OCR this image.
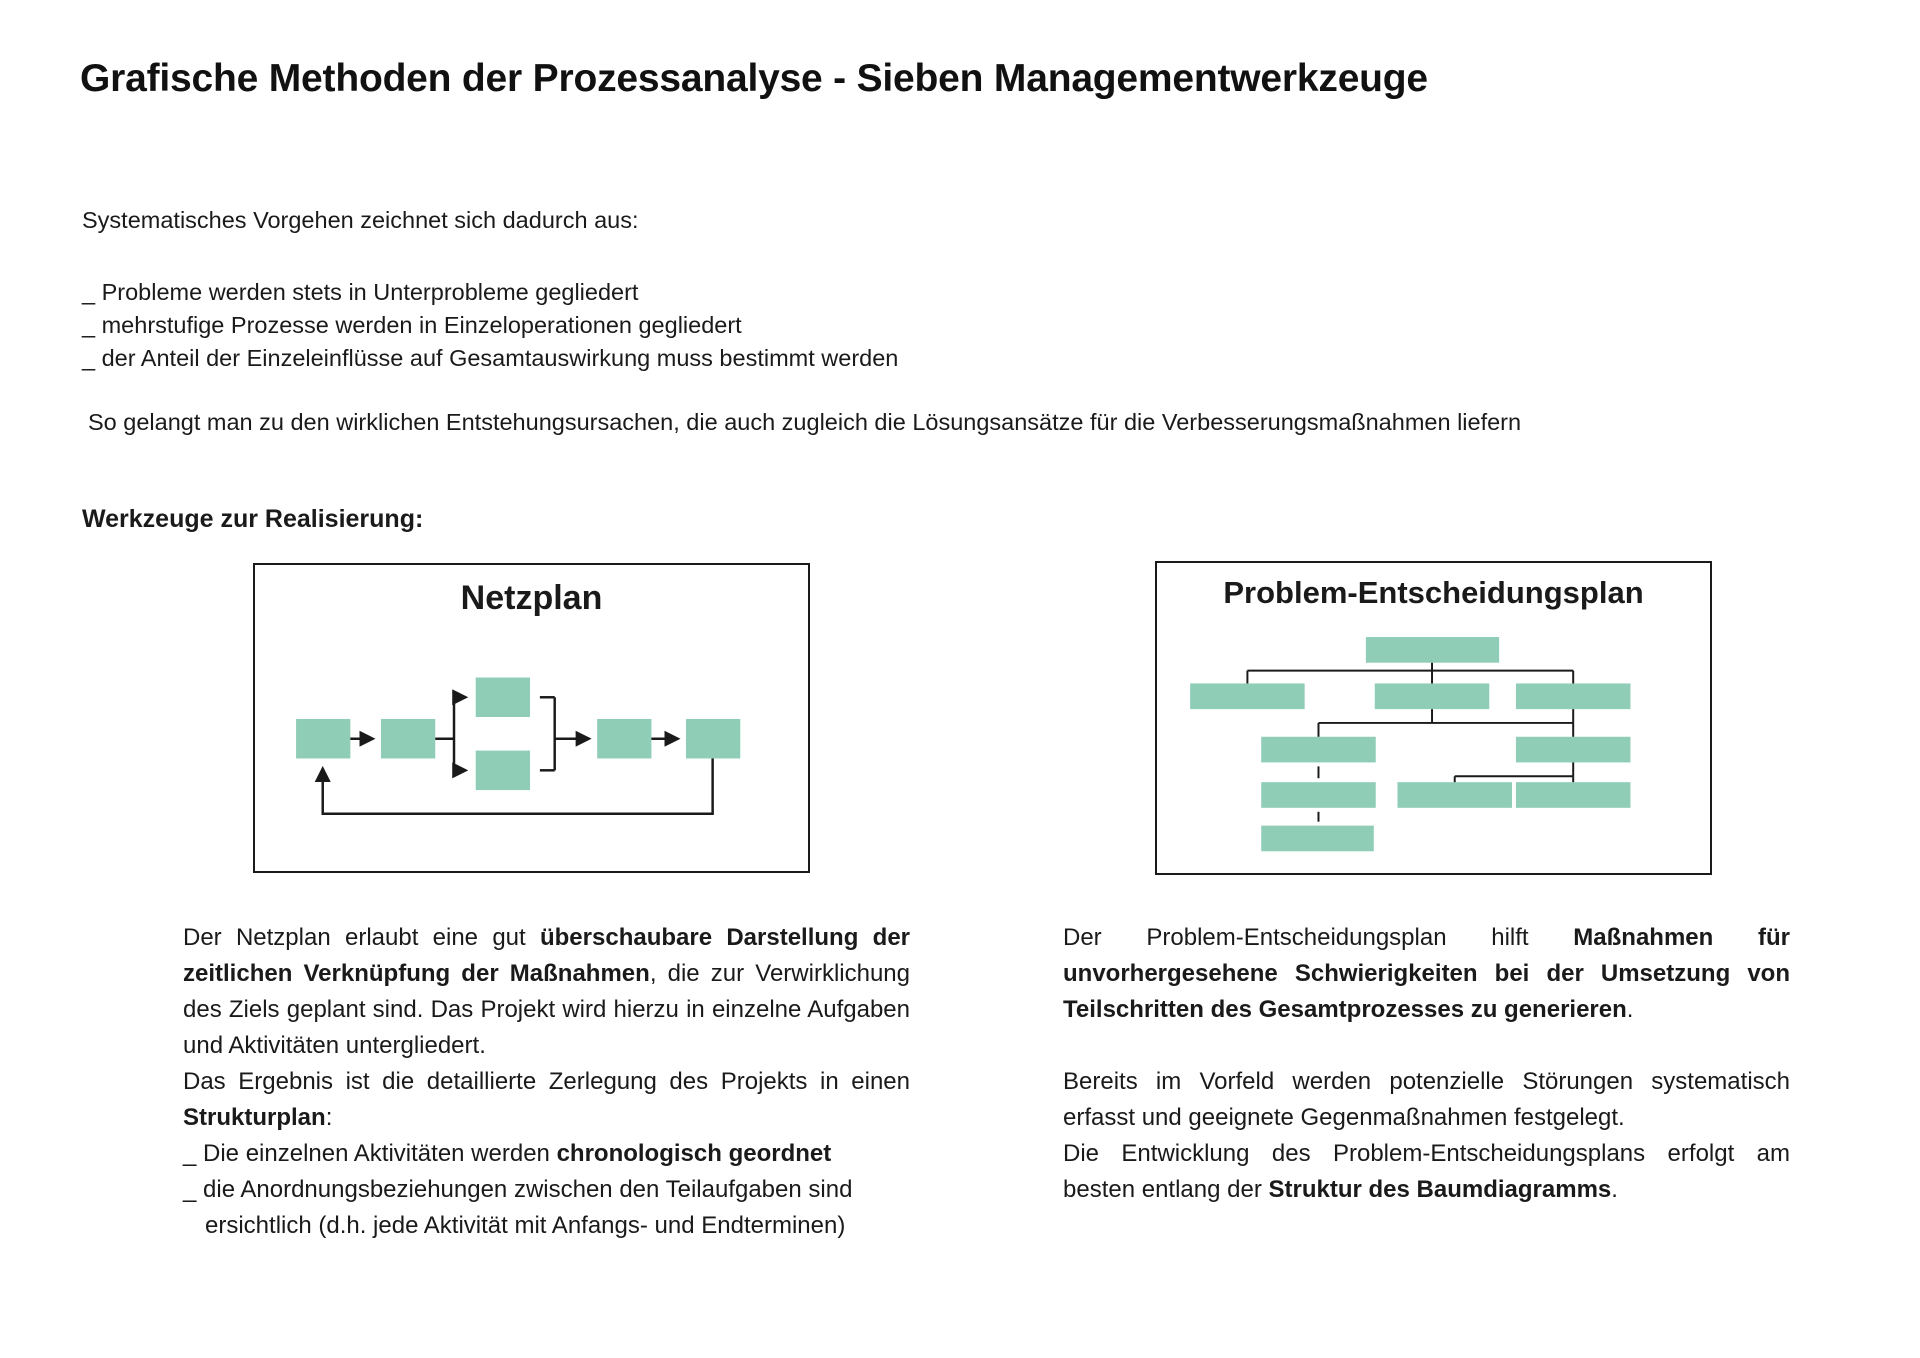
Grafische Methoden der Prozessanalyse - Sieben Managementwerkzeuge

Systematisches Vorgehen zeichnet sich dadurch aus:

_ Probleme werden stets in Unterprobleme gegliedert
_ mehrstufige Prozesse werden in Einzeloperationen gegliedert
_ der Anteil der Einzeleinflüsse auf Gesamtauswirkung muss bestimmt werden

So gelangt man zu den wirklichen Entstehungsursachen, die auch zugleich die Lösungsansätze für die Verbesserungsmaßnahmen liefern

Werkzeuge zur Realisierung:
Netzplan	Problem-Entscheidungsplan

Der Netzplan erlaubt eine gut überschaubare Darstellung der zeitlichen Verknüpfung der Maßnahmen, die zur Verwirklichung des Ziels geplant sind. Das Projekt wird hierzu in einzelne Aufgaben und Aktivitäten untergliedert.

Das Ergebnis ist die detaillierte Zerlegung des Projekts in einen Strukturplan:

_ Die einzelnen Aktivitäten werden chronologisch geordnet

_ die Anordnungsbeziehungen zwischen den Teilaufgaben sind ersichtlich (d.h. jede Aktivität mit Anfangs- und Endterminen)

Der Problem-Entscheidungsplan hilft Maßnahmen für unvorhergesehene Schwierigkeiten bei der Umsetzung von Teilschritten des Gesamtprozesses zu generieren.

Bereits im Vorfeld werden potenzielle Störungen systematisch erfasst und geeignete Gegenmaßnahmen festgelegt.

Die Entwicklung des Problem-Entscheidungsplans erfolgt am besten entlang der Struktur des Baumdiagramms.
